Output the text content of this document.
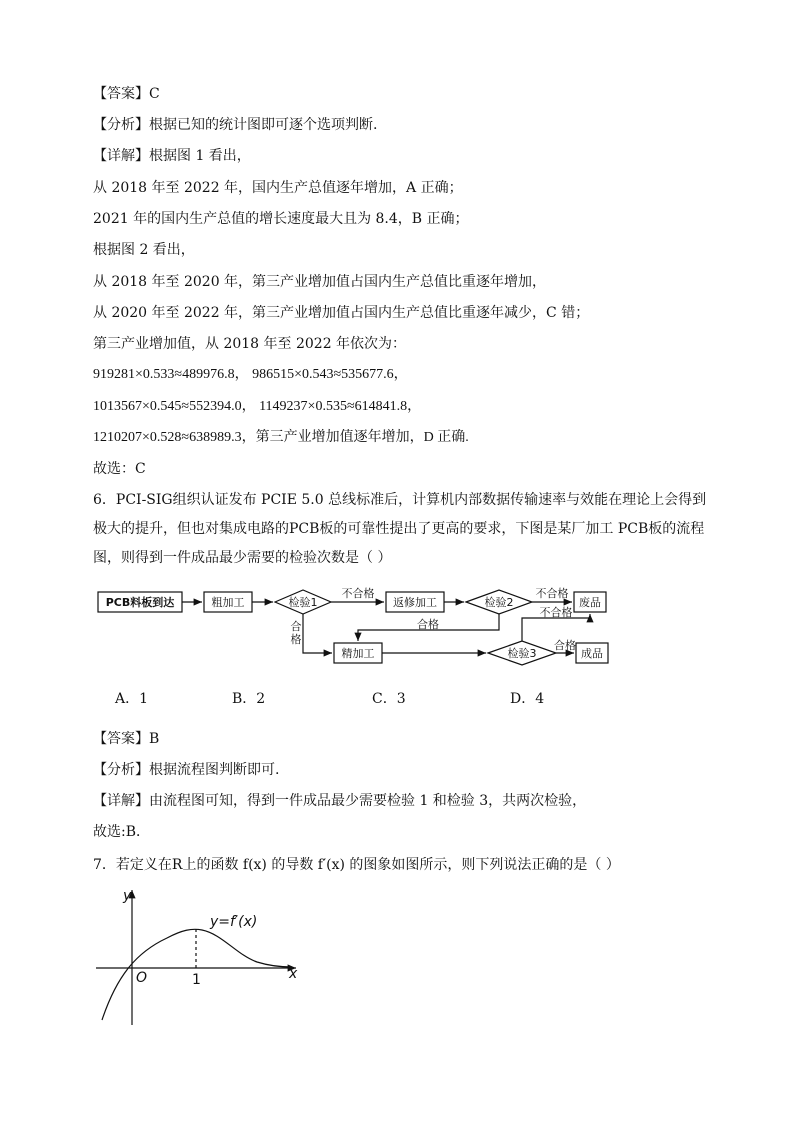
【答案】C
【分析】根据已知的统计图即可逐个选项判断.
【详解】根据图 1 看出，
从 2018 年至 2022 年，国内生产总值逐年增加，A 正确；
2021 年的国内生产总值的增长速度最大且为 8.4，B 正确；
根据图 2 看出，
从 2018 年至 2020 年，第三产业增加值占国内生产总值比重逐年增加，
从 2020 年至 2022 年，第三产业增加值占国内生产总值比重逐年减少，C 错；
第三产业增加值，从 2018 年至 2022 年依次为：
919281×0.533≈489976.8， 986515×0.543≈535677.6，
1013567×0.545≈552394.0， 1149237×0.535≈614841.8，
1210207×0.528≈638989.3，第三产业增加值逐年增加，D 正确.
故选：C
6．PCI-SIG组织认证发布 PCIE 5.0 总线标准后，计算机内部数据传输速率与效能在理论上会得到极大的提升，但也对集成电路的PCB板的可靠性提出了更高的要求，下图是某厂加工 PCB板的流程图，则得到一件成品最少需要的检验次数是（ ）
PCB料板到达	粗加工	检验1	返修加工	检验2	废品
精加工	检验3	成品
不合格	不合格
不合格
合格
合格
合
格
A．1	B．2	C．3	D．4
【答案】B
【分析】根据流程图判断即可.
【详解】由流程图可知，得到一件成品最少需要检验 1 和检验 3，共两次检验，
故选:B．
7．若定义在R上的函数 f(x) 的导数 f′(x) 的图象如图所示，则下列说法正确的是（ ）
y
x
O	1
y=f′(x)
